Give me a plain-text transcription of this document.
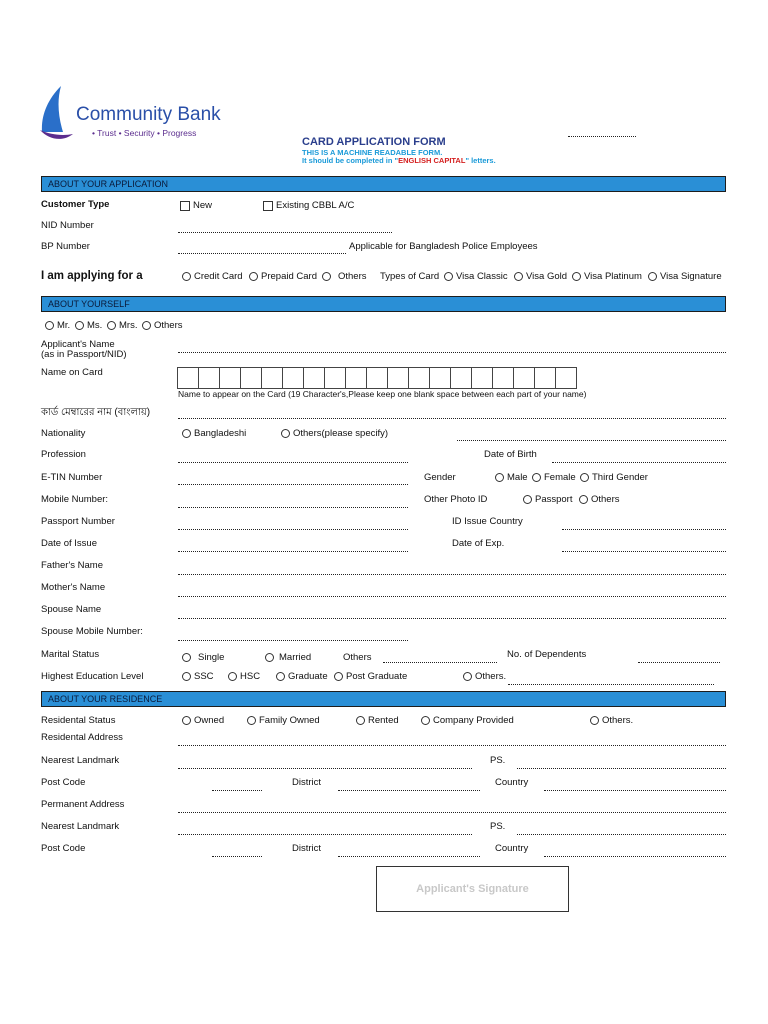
Community Bank
• Trust • Security • Progress
CARD APPLICATION FORM
THIS IS A MACHINE READABLE FORM.
It should be completed in "ENGLISH CAPITAL" letters.
ABOUT YOUR APPLICATION
Customer Type	New	Existing CBBL A/C
NID Number
BP Number	Applicable for Bangladesh Police Employees
I am applying for a	Credit Card Prepaid Card Others Types of Card Visa Classic Visa Gold Visa Platinum Visa Signature
ABOUT YOURSELF
Mr. Ms. Mrs. Others
Applicant's Name
(as in Passport/NID)
Name on Card
Name to appear on the Card (19 Character's,Please keep one blank space between each part of your name)
কার্ড মেম্বারের নাম (বাংলায়)
Nationality	Bangladeshi	Others(please specify)
Profession	Date of Birth
E-TIN Number	Gender	Male Female Third Gender
Mobile Number:	Other Photo ID	Passport Others
Passport Number	ID Issue Country
Date of Issue	Date of Exp.
Father's Name
Mother's Name
Spouse Name
Spouse Mobile Number:
Marital Status	Single	Married	Others	No. of Dependents
Highest Education Level	SSC	HSC	Graduate Post Graduate	Others.
ABOUT YOUR RESIDENCE
Residental Status	Owned	Family Owned	Rented	Company Provided	Others.
Residental Address
Nearest Landmark	PS.
Post Code	District	Country
Permanent Address
Nearest Landmark	PS.
Post Code	District	Country
Applicant's Signature
